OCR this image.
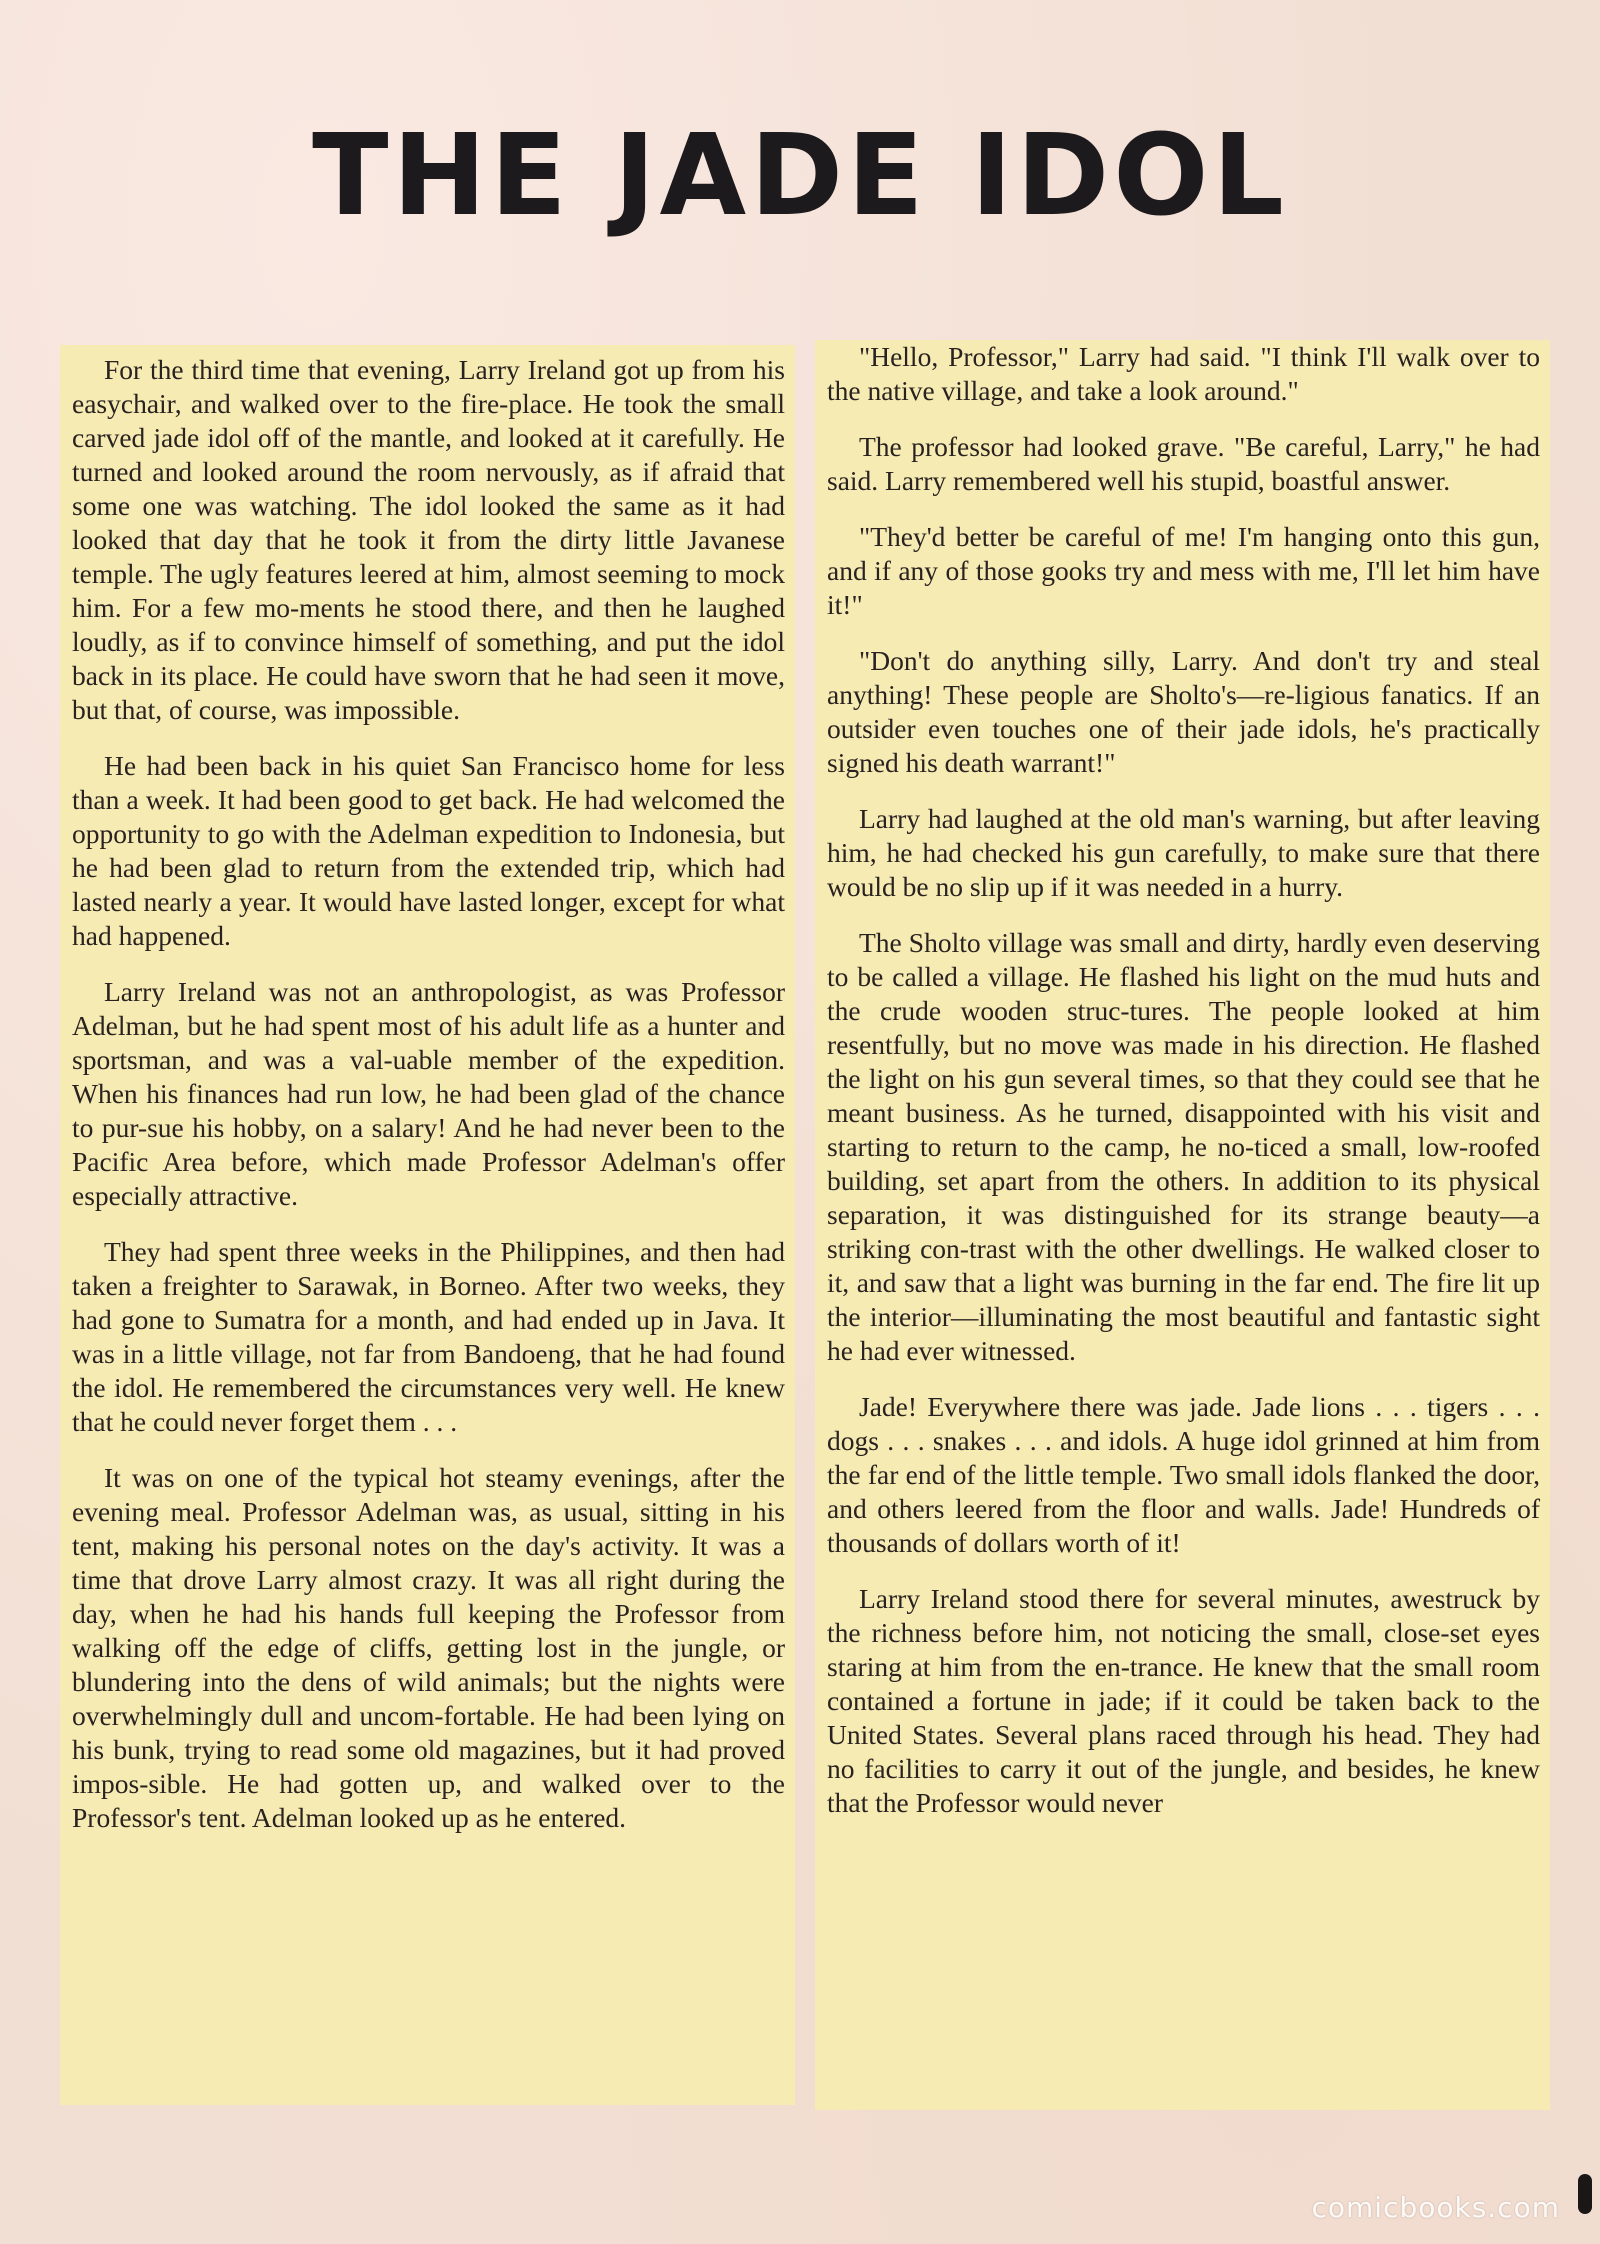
THE JADE IDOL

For the third time that evening, Larry Ireland got up from his easychair, and walked over to the fire-place. He took the small carved jade idol off of the mantle, and looked at it carefully. He turned and looked around the room nervously, as if afraid that some one was watching. The idol looked the same as it had looked that day that he took it from the dirty little Javanese temple. The ugly features leered at him, almost seeming to mock him. For a few mo-ments he stood there, and then he laughed loudly, as if to convince himself of something, and put the idol back in its place. He could have sworn that he had seen it move, but that, of course, was impossible.

He had been back in his quiet San Francisco home for less than a week. It had been good to get back. He had welcomed the opportunity to go with the Adelman expedition to Indonesia, but he had been glad to return from the extended trip, which had lasted nearly a year. It would have lasted longer, except for what had happened.

Larry Ireland was not an anthropologist, as was Professor Adelman, but he had spent most of his adult life as a hunter and sportsman, and was a val-uable member of the expedition. When his finances had run low, he had been glad of the chance to pur-sue his hobby, on a salary! And he had never been to the Pacific Area before, which made Professor Adelman's offer especially attractive.

They had spent three weeks in the Philippines, and then had taken a freighter to Sarawak, in Borneo. After two weeks, they had gone to Sumatra for a month, and had ended up in Java. It was in a little village, not far from Bandoeng, that he had found the idol. He remembered the circumstances very well. He knew that he could never forget them . . .

It was on one of the typical hot steamy evenings, after the evening meal. Professor Adelman was, as usual, sitting in his tent, making his personal notes on the day's activity. It was a time that drove Larry almost crazy. It was all right during the day, when he had his hands full keeping the Professor from walking off the edge of cliffs, getting lost in the jungle, or blundering into the dens of wild animals; but the nights were overwhelmingly dull and uncom-fortable. He had been lying on his bunk, trying to read some old magazines, but it had proved impos-sible. He had gotten up, and walked over to the Professor's tent. Adelman looked up as he entered.

"Hello, Professor," Larry had said. "I think I'll walk over to the native village, and take a look around."

The professor had looked grave. "Be careful, Larry," he had said. Larry remembered well his stupid, boastful answer.

"They'd better be careful of me! I'm hanging onto this gun, and if any of those gooks try and mess with me, I'll let him have it!"

"Don't do anything silly, Larry. And don't try and steal anything! These people are Sholto's—re-ligious fanatics. If an outsider even touches one of their jade idols, he's practically signed his death warrant!"

Larry had laughed at the old man's warning, but after leaving him, he had checked his gun carefully, to make sure that there would be no slip up if it was needed in a hurry.

The Sholto village was small and dirty, hardly even deserving to be called a village. He flashed his light on the mud huts and the crude wooden struc-tures. The people looked at him resentfully, but no move was made in his direction. He flashed the light on his gun several times, so that they could see that he meant business. As he turned, disappointed with his visit and starting to return to the camp, he no-ticed a small, low-roofed building, set apart from the others. In addition to its physical separation, it was distinguished for its strange beauty—a striking con-trast with the other dwellings. He walked closer to it, and saw that a light was burning in the far end. The fire lit up the interior—illuminating the most beautiful and fantastic sight he had ever witnessed.

Jade! Everywhere there was jade. Jade lions . . . tigers . . . dogs . . . snakes . . . and idols. A huge idol grinned at him from the far end of the little temple. Two small idols flanked the door, and others leered from the floor and walls. Jade! Hundreds of thousands of dollars worth of it!

Larry Ireland stood there for several minutes, awestruck by the richness before him, not noticing the small, close-set eyes staring at him from the en-trance. He knew that the small room contained a fortune in jade; if it could be taken back to the United States. Several plans raced through his head. They had no facilities to carry it out of the jungle, and besides, he knew that the Professor would never

comicbooks.com
